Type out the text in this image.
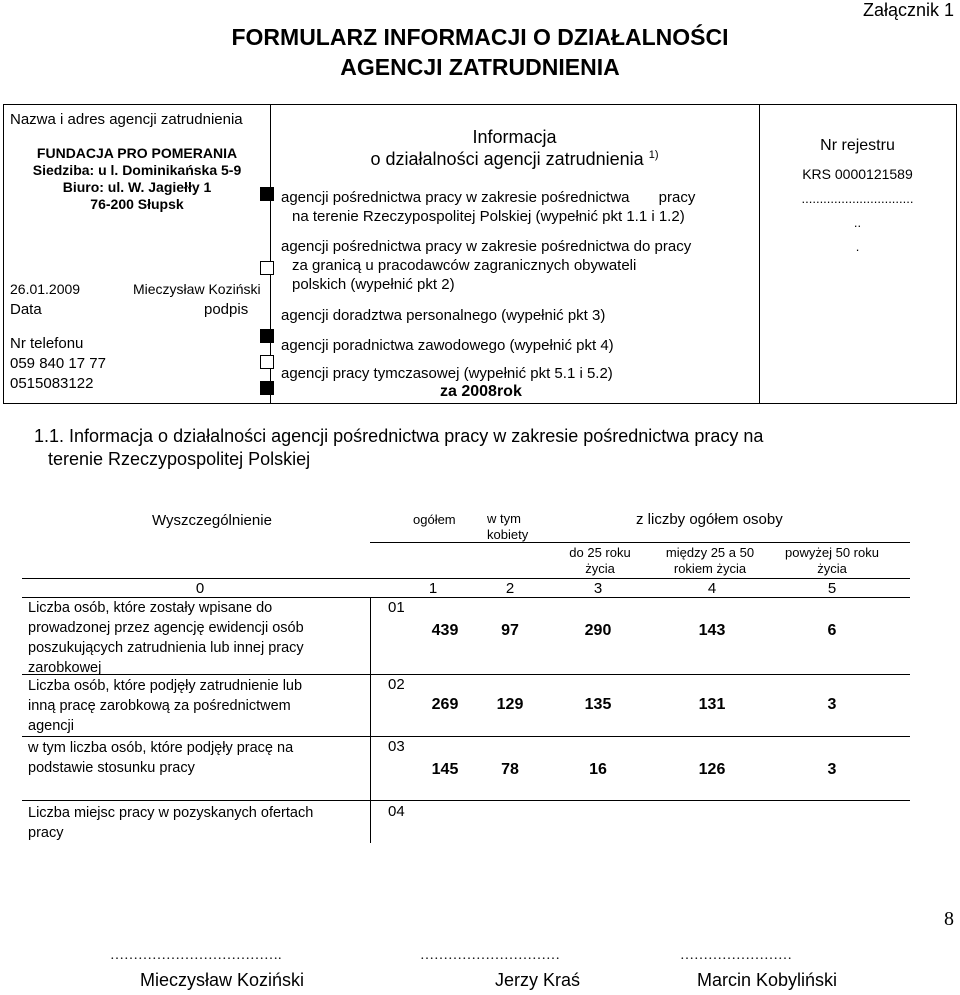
Załącznik 1
FORMULARZ INFORMACJI O DZIAŁALNOŚCI
AGENCJI ZATRUDNIENIA
Nazwa i adres agencji zatrudnienia
FUNDACJA PRO POMERANIA
Siedziba: u l. Dominikańska 5-9
Biuro: ul. W. Jagiełły 1
76-200 Słupsk
26.01.2009	Mieczysław Koziński
Data	podpis
Nr telefonu
059 840 17 77
0515083122
Informacja
o działalności agencji zatrudnienia $^{1)}$
agencji pośrednictwa pracy w zakresie pośrednictwa       pracy
na terenie Rzeczypospolitej Polskiej (wypełnić pkt 1.1 i 1.2)
agencji pośrednictwa pracy w zakresie pośrednictwa do pracy
za granicą u pracodawców zagranicznych obywateli
polskich (wypełnić pkt 2)
agencji doradztwa personalnego (wypełnić pkt 3)
agencji poradnictwa zawodowego (wypełnić pkt 4)
agencji pracy tymczasowej (wypełnić pkt 5.1 i 5.2)
za 2008rok
Nr rejestru
KRS 0000121589
...............................
..
.
1.1. Informacja o działalności agencji pośrednictwa pracy w zakresie pośrednictwa pracy na
terenie Rzeczypospolitej Polskiej
Wyszczególnienie	ogółem w tym
kobiety
z liczby ogółem osoby
do 25 roku
życia
między 25 a 50
rokiem życia
powyżej 50 roku
życia
0	1	2	3	4	5
Liczba osób, które zostały wpisane do
prowadzonej przez agencję ewidencji osób
poszukujących zatrudnienia lub innej pracy
zarobkowej
01
439	97	290	143	6
Liczba osób, które podjęły zatrudnienie lub
inną pracę zarobkową za pośrednictwem
agencji
02
269	129	135	131	3
w tym liczba osób, które podjęły pracę na
podstawie stosunku pracy
03
145	78	16	126	3
Liczba miejsc pracy w pozyskanych ofertach
pracy
04
8
……………………………….	…………………………	……………………
Mieczysław Koziński	Jerzy Kraś	Marcin Kobyliński
